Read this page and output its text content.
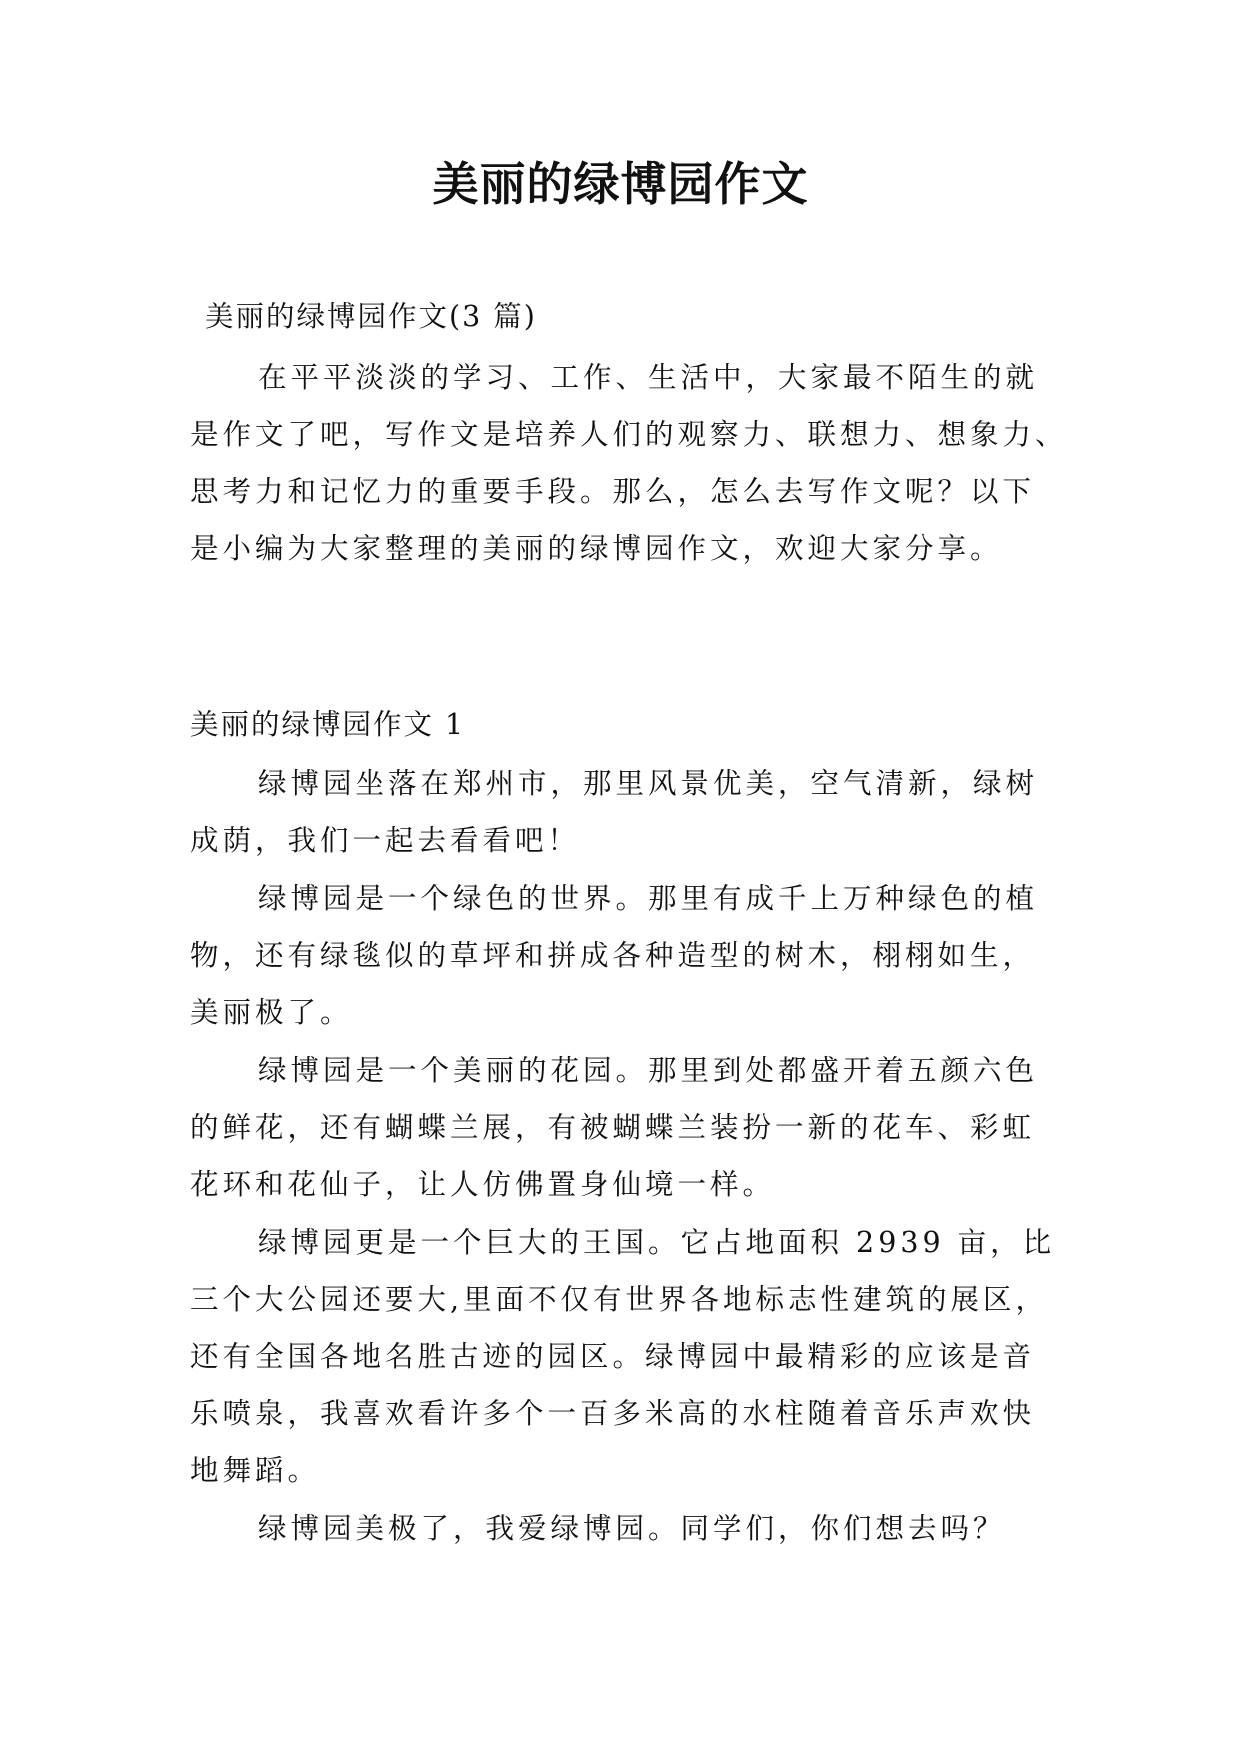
美丽的绿博园作文
美丽的绿博园作文(3 篇)
在平平淡淡的学习、工作、生活中，大家最不陌生的就
是作文了吧，写作文是培养人们的观察力、联想力、想象力、
思考力和记忆力的重要手段。那么，怎么去写作文呢？以下
是小编为大家整理的美丽的绿博园作文，欢迎大家分享。
美丽的绿博园作文 1
绿博园坐落在郑州市，那里风景优美，空气清新，绿树
成荫，我们一起去看看吧！
绿博园是一个绿色的世界。那里有成千上万种绿色的植
物，还有绿毯似的草坪和拼成各种造型的树木，栩栩如生，
美丽极了。
绿博园是一个美丽的花园。那里到处都盛开着五颜六色
的鲜花，还有蝴蝶兰展，有被蝴蝶兰装扮一新的花车、彩虹
花环和花仙子，让人仿佛置身仙境一样。
绿博园更是一个巨大的王国。它占地面积 2939 亩，比
三个大公园还要大,里面不仅有世界各地标志性建筑的展区，
还有全国各地名胜古迹的园区。绿博园中最精彩的应该是音
乐喷泉，我喜欢看许多个一百多米高的水柱随着音乐声欢快
地舞蹈。
绿博园美极了，我爱绿博园。同学们，你们想去吗？
